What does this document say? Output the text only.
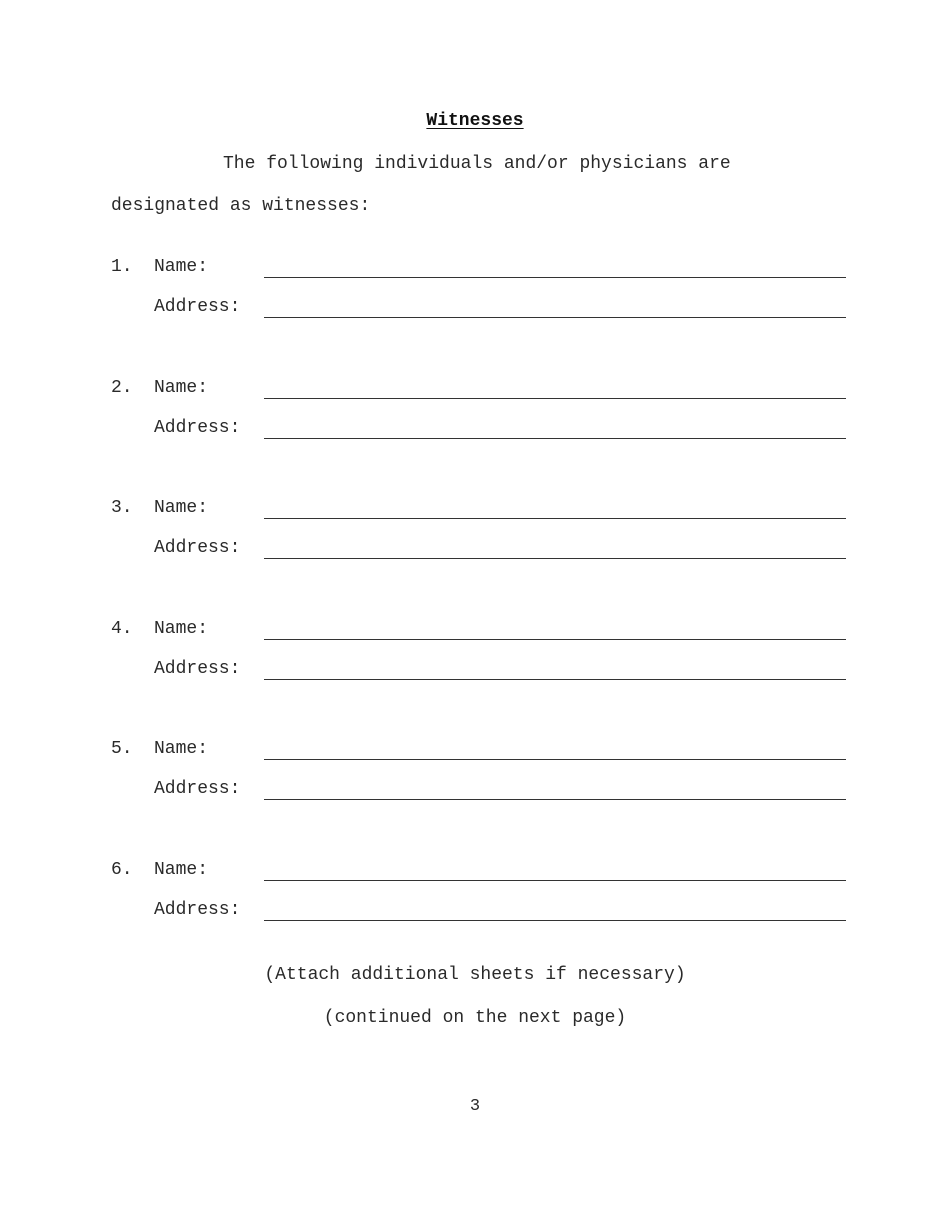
Witnesses
The following individuals and/or physicians are
designated as witnesses:
1. Name:
Address:
2. Name:
Address:
3. Name:
Address:
4. Name:
Address:
5. Name:
Address:
6. Name:
Address:
(Attach additional sheets if necessary)
(continued on the next page)
3
